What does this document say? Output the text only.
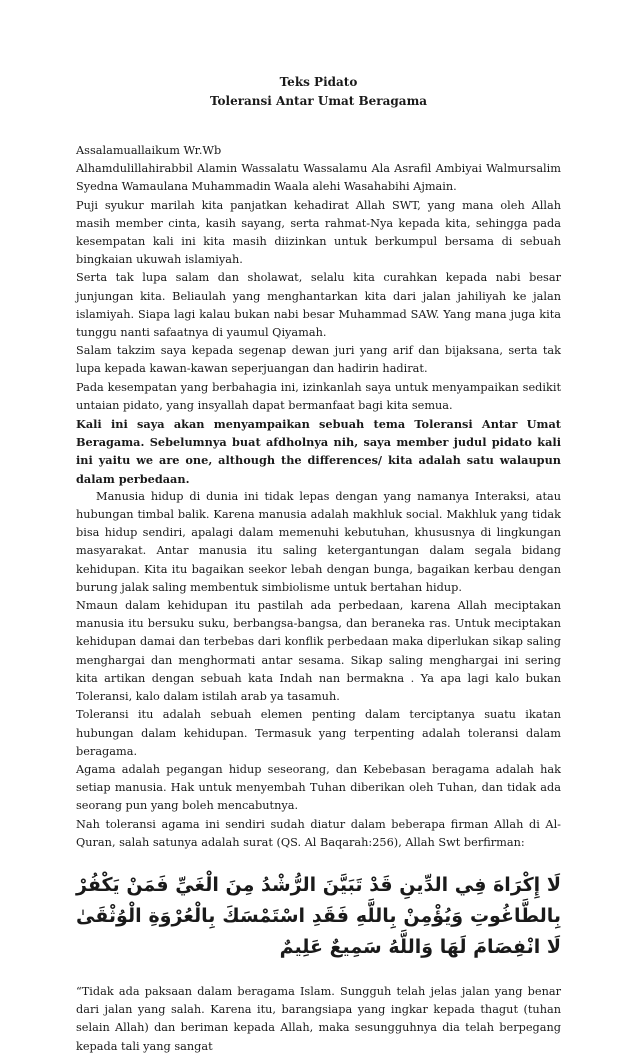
Teks Pidato

Toleransi Antar Umat Beragama

Assalamuallaikum Wr.Wb

Alhamdulillahirabbil Alamin Wassalatu Wassalamu Ala Asrafil Ambiyai Walmursalim Syedna Wamaulana Muhammadin Waala alehi Wasahabihi Ajmain.

Puji syukur marilah kita panjatkan kehadirat Allah SWT, yang mana oleh Allah masih member cinta, kasih sayang, serta rahmat-Nya kepada kita, sehingga pada kesempatan kali ini kita masih diizinkan untuk berkumpul bersama di sebuah bingkaian ukuwah islamiyah.

Serta tak lupa salam dan sholawat, selalu kita curahkan kepada nabi besar junjungan kita. Beliaulah yang menghantarkan kita dari jalan jahiliyah ke jalan islamiyah. Siapa lagi kalau bukan nabi besar Muhammad SAW. Yang mana juga kita tunggu nanti safaatnya di yaumul Qiyamah.

Salam takzim saya kepada segenap dewan juri yang arif dan bijaksana, serta tak lupa kepada kawan-kawan seperjuangan dan hadirin hadirat.

Pada kesempatan yang berbahagia ini, izinkanlah saya untuk menyampaikan sedikit untaian pidato, yang insyallah dapat bermanfaat bagi kita semua.

Kali ini saya akan menyampaikan sebuah tema Toleransi Antar Umat Beragama. Sebelumnya buat afdholnya nih, saya member judul pidato kali ini yaitu we are one, although the differences/ kita adalah satu walaupun dalam perbedaan.

Manusia hidup di dunia ini tidak lepas dengan yang namanya Interaksi, atau hubungan timbal balik. Karena manusia adalah makhluk social. Makhluk yang tidak bisa hidup sendiri, apalagi dalam memenuhi kebutuhan, khususnya di lingkungan masyarakat. Antar manusia itu saling ketergantungan dalam segala bidang kehidupan. Kita itu bagaikan seekor lebah dengan bunga, bagaikan kerbau dengan burung jalak saling membentuk simbiolisme untuk bertahan hidup.

Nmaun dalam kehidupan itu pastilah ada perbedaan, karena Allah meciptakan manusia itu bersuku suku, berbangsa-bangsa, dan beraneka ras. Untuk meciptakan kehidupan damai dan terbebas dari konflik perbedaan maka diperlukan sikap saling menghargai dan menghormati antar sesama. Sikap saling menghargai ini sering kita artikan dengan sebuah kata Indah nan bermakna . Ya apa lagi kalo bukan Toleransi, kalo dalam istilah arab ya tasamuh.

Toleransi itu adalah sebuah elemen penting dalam terciptanya suatu ikatan hubungan dalam kehidupan. Termasuk yang terpenting adalah toleransi dalam beragama.

Agama adalah pegangan hidup seseorang, dan Kebebasan beragama adalah hak setiap manusia. Hak untuk menyembah Tuhan diberikan oleh Tuhan, dan tidak ada seorang pun yang boleh mencabutnya.

Nah toleransi agama ini sendiri sudah diatur dalam beberapa firman Allah di Al-Quran, salah satunya adalah surat (QS. Al Baqarah:256), Allah Swt berfirman:

لَا إِكْرَاهَ فِي الدِّينِ قَدْ تَبَيَّنَ الرُّشْدُ مِنَ الْغَيِّ فَمَنْ يَكْفُرْ بِالطَّاغُوتِ وَيُؤْمِنْ بِاللَّهِ فَقَدِ اسْتَمْسَكَ بِالْعُرْوَةِ الْوُثْقَىٰ لَا انْفِصَامَ لَهَا وَاللَّهُ سَمِيعٌ عَلِيمٌ

“Tidak ada paksaan dalam beragama Islam. Sungguh telah jelas jalan yang benar dari jalan yang salah. Karena itu, barangsiapa yang ingkar kepada thagut (tuhan selain Allah) dan beriman kepada Allah, maka sesungguhnya dia telah berpegang kepada tali yang sangat
